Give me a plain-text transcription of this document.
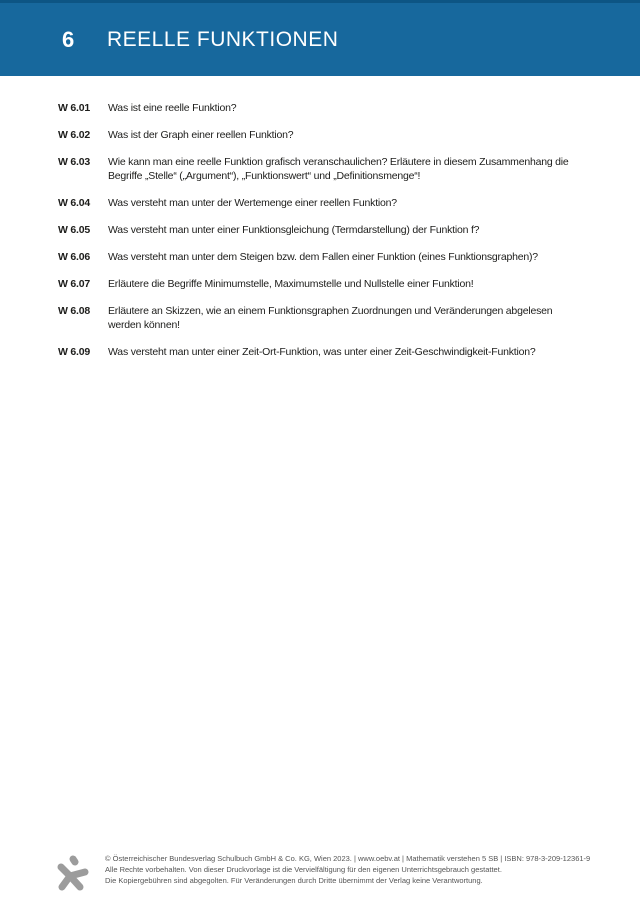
6	REELLE FUNKTIONEN
W 6.01	Was ist eine reelle Funktion?
W 6.02	Was ist der Graph einer reellen Funktion?
W 6.03	Wie kann man eine reelle Funktion grafisch veranschaulichen? Erläutere in diesem Zusammenhang die Begriffe „Stelle“ („Argument“), „Funktionswert“ und „Definitionsmenge“!
W 6.04	Was versteht man unter der Wertemenge einer reellen Funktion?
W 6.05	Was versteht man unter einer Funktionsgleichung (Termdarstellung) der Funktion f?
W 6.06	Was versteht man unter dem Steigen bzw. dem Fallen einer Funktion (eines Funktionsgraphen)?
W 6.07	Erläutere die Begriffe Minimumstelle, Maximumstelle und Nullstelle einer Funktion!
W 6.08	Erläutere an Skizzen, wie an einem Funktionsgraphen Zuordnungen und Veränderungen abgelesen werden können!
W 6.09	Was versteht man unter einer Zeit-Ort-Funktion, was unter einer Zeit-Geschwindigkeit-Funktion?
© Österreichischer Bundesverlag Schulbuch GmbH & Co. KG, Wien 2023. | www.oebv.at | Mathematik verstehen 5 SB | ISBN: 978-3-209-12361-9
Alle Rechte vorbehalten. Von dieser Druckvorlage ist die Vervielfältigung für den eigenen Unterrichtsgebrauch gestattet.
Die Kopiergebühren sind abgegolten. Für Veränderungen durch Dritte übernimmt der Verlag keine Verantwortung.
